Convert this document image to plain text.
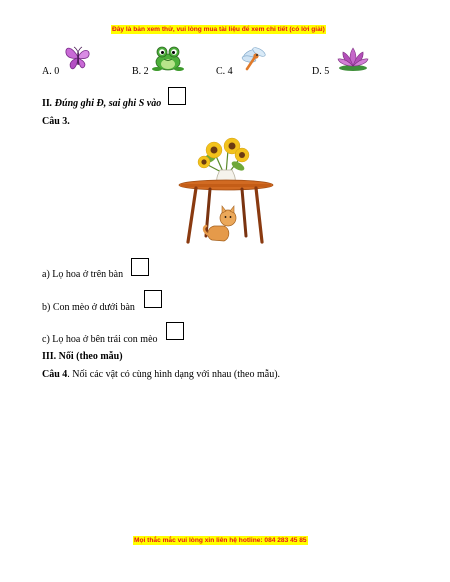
Đây là bản xem thử, vui lòng mua tài liệu để xem chi tiết (có lời giải)
A. 0	B. 2	C. 4	D. 5
II. Đúng ghi Đ, sai ghi S vào
Câu 3.
a) Lọ hoa ở trên bàn
b) Con mèo ở dưới bàn
c) Lọ hoa ở bên trái con mèo
III. Nối (theo mẫu)
Câu 4. Nối các vật có cùng hình dạng với nhau (theo mẫu).
Mọi thắc mắc vui lòng xin liên hệ hotline: 084 283 45 85
